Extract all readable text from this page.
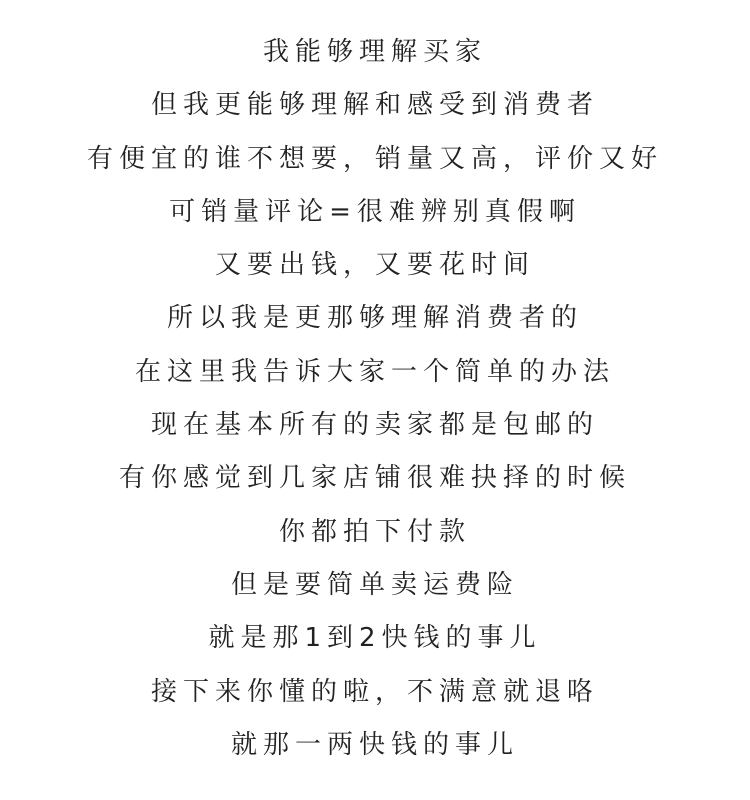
我能够理解买家
但我更能够理解和感受到消费者
有便宜的谁不想要，销量又高，评价又好
可销量评论=很难辨别真假啊
又要出钱，又要花时间
所以我是更那够理解消费者的
在这里我告诉大家一个简单的办法
现在基本所有的卖家都是包邮的
有你感觉到几家店铺很难抉择的时候
你都拍下付款
但是要简单卖运费险
就是那1到2快钱的事儿
接下来你懂的啦，不满意就退咯
就那一两快钱的事儿
